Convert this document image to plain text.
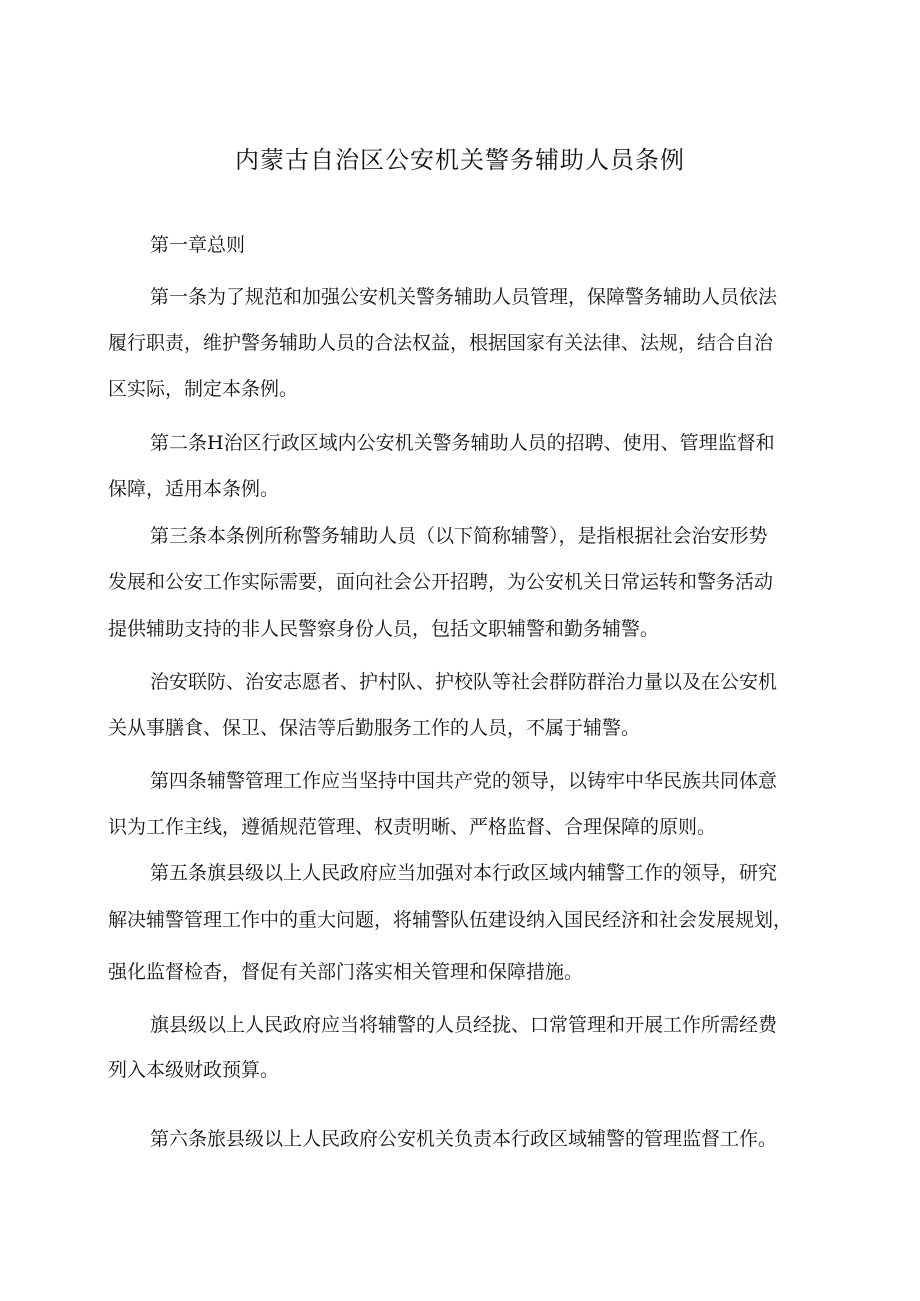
内蒙古自治区公安机关警务辅助人员条例
第一章总则
第一条为了规范和加强公安机关警务辅助人员管理，保障警务辅助人员依法
履行职责，维护警务辅助人员的合法权益，根据国家有关法律、法规，结合自治
区实际，制定本条例。
第二条H治区行政区域内公安机关警务辅助人员的招聘、使用、管理监督和
保障，适用本条例。
第三条本条例所称警务辅助人员（以下简称辅警），是指根据社会治安形势
发展和公安工作实际需要，面向社会公开招聘，为公安机关日常运转和警务活动
提供辅助支持的非人民警察身份人员，包括文职辅警和勤务辅警。
治安联防、治安志愿者、护村队、护校队等社会群防群治力量以及在公安机
关从事膳食、保卫、保洁等后勤服务工作的人员，不属于辅警。
第四条辅警管理工作应当坚持中国共产党的领导，以铸牢中华民族共同体意
识为工作主线，遵循规范管理、权责明晰、严格监督、合理保障的原则。
第五条旗县级以上人民政府应当加强对本行政区域内辅警工作的领导，研究
解决辅警管理工作中的重大问题，将辅警队伍建设纳入国民经济和社会发展规划，
强化监督检杳，督促有关部门落实相关管理和保障措施。
旗县级以上人民政府应当将辅警的人员经拢、口常管理和开展工作所需经费
列入本级财政预算。
第六条旅县级以上人民政府公安机关负责本行政区域辅警的管理监督工作。
